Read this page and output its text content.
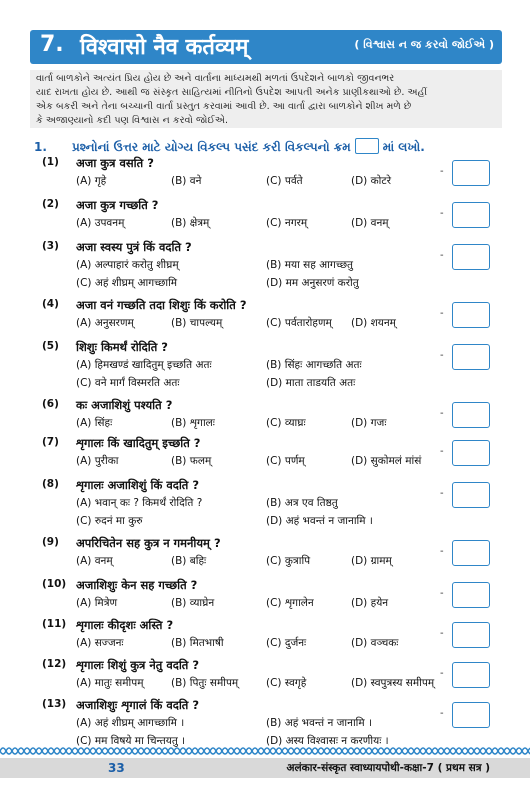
7. विश्वासो नैव कर्तव्यम्	( વિશ્વાસ ન જ કરવો જોઈએ )
વાર્તા બાળકોને અત્યંત પ્રિય હોય છે અને વાર્તાના માધ્યમથી મળતાં ઉપદેશને બાળકો જીવનભર
યાદ રાખતા હોય છે. આથી જ સંસ્કૃત સાહિત્યમાં નીતિનો ઉપદેશ આપતી અનેક પ્રાણીકથાઓ છે. અહીં
એક બકરી અને તેના બચ્ચાની વાર્તા પ્રસ્તુત કરવામાં આવી છે. આ વાર્તા દ્વારા બાળકોને શીખ મળે છે
કે અજાણ્યાનો કદી પણ વિશ્વાસ ન કરવો જોઈએ.
1. પ્રશ્નોનાં ઉત્તર માટે યોગ્ય વિકલ્પ પસંદ કરી વિકલ્પનો ક્રમ	માં લખો.
(1) अजा कुत्र वसति ?
(A) गृहे	(B) वने	(C) पर्वते	(D) कोटरे
(2) अजा कुत्र गच्छति ?
(A) उपवनम्	(B) क्षेत्रम्	(C) नगरम्	(D) वनम्
(3) अजा स्वस्य पुत्रं किं वदति ?
(A) अल्पाहारं करोतु शीघ्रम्	(B) मया सह आगच्छतु
(C) अहं शीघ्रम् आगच्छामि	(D) मम अनुसरणं करोतु
(4) अजा वनं गच्छति तदा शिशुः किं करोति ?
(A) अनुसरणम्	(B) चापल्यम्	(C) पर्वतारोहणम् (D) शयनम्
(5) शिशुः किमर्थं रोदिति ?
(A) हिमखण्डं खादितुम् इच्छति अतः	(B) सिंहः आगच्छति अतः
(C) वने मार्गं विस्मरति अतः	(D) माता ताडयति अतः
(6) कः अजाशिशुं पश्यति ?
(A) सिंहः	(B) शृगालः	(C) व्याघ्रः	(D) गजः
(7) शृगालः किं खादितुम् इच्छति ?
(A) पुरीका	(B) फलम्	(C) पर्णम्	(D) सुकोमलं मांसं
(8) शृगालः अजाशिशुं किं वदति ?
(A) भवान् कः ? किमर्थं रोदिति ?	(B) अत्र एव तिष्ठतु
(C) रुदनं मा कुरु	(D) अहं भवन्तं न जानामि ।
(9) अपरिचितेन सह कुत्र न गमनीयम् ?
(A) वनम्	(B) बहिः	(C) कुत्रापि	(D) ग्रामम्
(10) अजाशिशुः केन सह गच्छति ?
(A) मित्रेण	(B) व्याघ्रेन	(C) शृगालेन	(D) हयेन
(11) शृगालः कीदृशः अस्ति ?
(A) सज्जनः	(B) मितभाषी	(C) दुर्जनः	(D) वञ्चकः
(12) शृगालः शिशुं कुत्र नेतु वदति ?
(A) मातुः समीपम्	(B) पितुः समीपम्	(C) स्वगृहे	(D) स्वपुत्रस्य समीपम्
(13) अजाशिशुः शृगालं किं वदति ?
(A) अहं शीघ्रम् आगच्छामि ।	(B) अहं भवन्तं न जानामि ।
(C) मम विषये मा चिन्तयतु ।	(D) अस्य विश्वासः न करणीयः ।
33	अलंकार-संस्कृत स्वाध्यायपोथी-कक्षा-7 ( प्रथम सत्र )
-
-
-
-
-
-
-
-
-
-
-
-
-
